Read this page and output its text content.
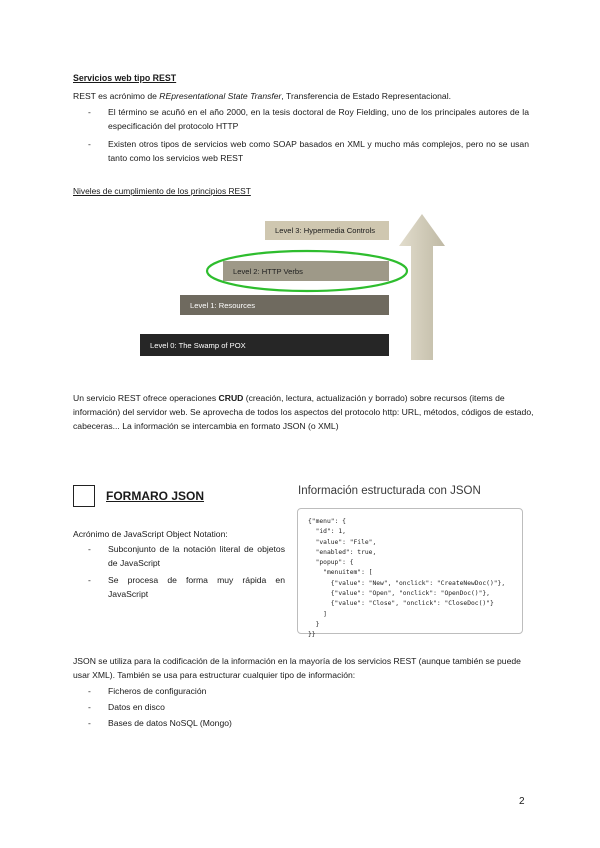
Servicios web tipo REST
REST es acrónimo de REpresentational State Transfer, Transferencia de Estado Representacional.
- El término se acuñó en el año 2000, en la tesis doctoral de Roy Fielding, uno de los principales autores de la especificación del protocolo HTTP
- Existen otros tipos de servicios web como SOAP basados en XML y mucho más complejos, pero no se usan tanto como los servicios web REST
Niveles de cumplimiento de los principios REST
Level 3: Hypermedia Controls
Level 2: HTTP Verbs
Level 1: Resources
Level 0: The Swamp of POX
Un servicio REST ofrece operaciones CRUD (creación, lectura, actualización y borrado) sobre recursos (items de información) del servidor web. Se aprovecha de todos los aspectos del protocolo http: URL, métodos, códigos de estado, cabeceras... La información se intercambia en formato JSON (o XML)
FORMARO JSON	Información estructurada con JSON
Acrónimo de JavaScript Object Notation:
- Subconjunto de la notación literal de objetos de JavaScript
- Se procesa de forma muy rápida en JavaScript
{"menu": {
"id": 1,
"value": "File",
"enabled": true,
"popup": {
"menuitem": [
{"value": "New", "onclick": "CreateNewDoc()"},
{"value": "Open", "onclick": "OpenDoc()"},
{"value": "Close", "onclick": "CloseDoc()"}
]
}
}}
JSON se utiliza para la codificación de la información en la mayoría de los servicios REST (aunque también se puede usar XML). También se usa para estructurar cualquier tipo de información:
- Ficheros de configuración
- Datos en disco
- Bases de datos NoSQL (Mongo)
2
